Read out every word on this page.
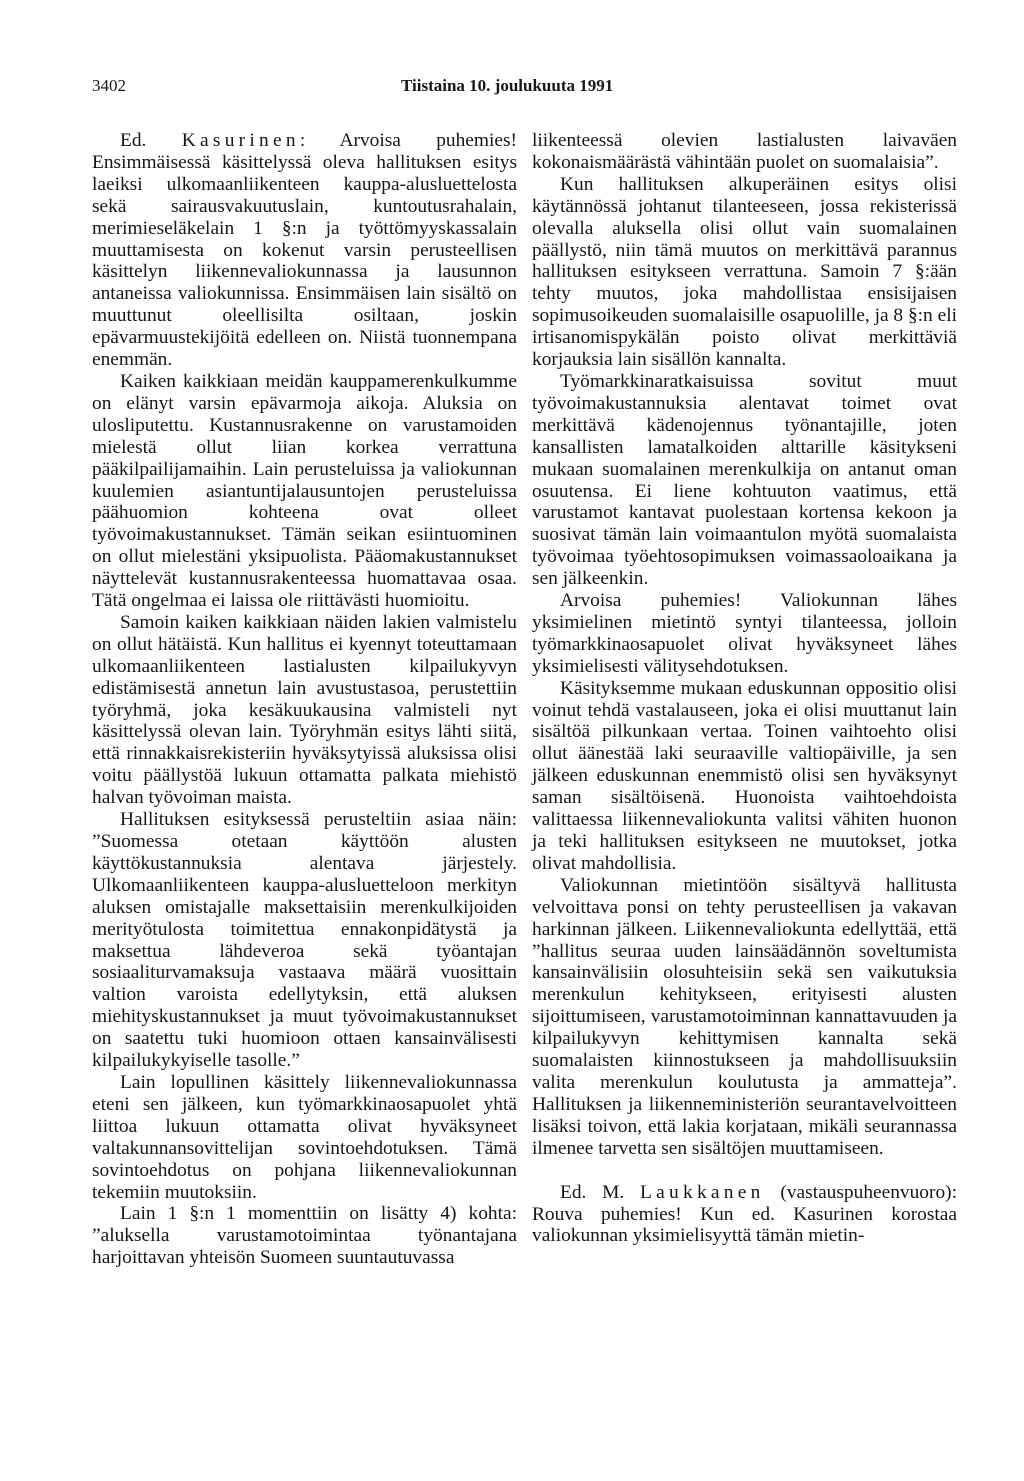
3402	Tiistaina 10. joulukuuta 1991

Ed. Kasurinen: Arvoisa puhemies! Ensimmäisessä käsittelyssä oleva hallituksen esitys laeiksi ulkomaanliikenteen kauppa-alusluettelosta sekä sairausvakuutuslain, kuntoutusrahalain, merimieseläkelain 1 §:n ja työttömyyskassalain muuttamisesta on kokenut varsin perusteellisen käsittelyn liikennevaliokunnassa ja lausunnon antaneissa valiokunnissa. Ensimmäisen lain sisältö on muuttunut oleellisilta osiltaan, joskin epävarmuustekijöitä edelleen on. Niistä tuonnempana enemmän.

Kaiken kaikkiaan meidän kauppamerenkulkumme on elänyt varsin epävarmoja aikoja. Aluksia on ulosliputettu. Kustannusrakenne on varustamoiden mielestä ollut liian korkea verrattuna pääkilpailijamaihin. Lain perusteluissa ja valiokunnan kuulemien asiantuntijalausuntojen perusteluissa päähuomion kohteena ovat olleet työvoimakustannukset. Tämän seikan esiintuominen on ollut mielestäni yksipuolista. Pääomakustannukset näyttelevät kustannusrakenteessa huomattavaa osaa. Tätä ongelmaa ei laissa ole riittävästi huomioitu.

Samoin kaiken kaikkiaan näiden lakien valmistelu on ollut hätäistä. Kun hallitus ei kyennyt toteuttamaan ulkomaanliikenteen lastialusten kilpailukyvyn edistämisestä annetun lain avustustasoa, perustettiin työryhmä, joka kesäkuukausina valmisteli nyt käsittelyssä olevan lain. Työryhmän esitys lähti siitä, että rinnakkaisrekisteriin hyväksytyissä aluksissa olisi voitu päällystöä lukuun ottamatta palkata miehistö halvan työvoiman maista.

Hallituksen esityksessä perusteltiin asiaa näin: ”Suomessa otetaan käyttöön alusten käyttökustannuksia alentava järjestely. Ulkomaanliikenteen kauppa-alusluetteloon merkityn aluksen omistajalle maksettaisiin merenkulkijoiden merityötulosta toimitettua ennakonpidätystä ja maksettua lähdeveroa sekä työantajan sosiaaliturvamaksuja vastaava määrä vuosittain valtion varoista edellytyksin, että aluksen miehityskustannukset ja muut työvoimakustannukset on saatettu tuki huomioon ottaen kansainvälisesti kilpailukykyiselle tasolle.”

Lain lopullinen käsittely liikennevaliokunnassa eteni sen jälkeen, kun työmarkkinaosapuolet yhtä liittoa lukuun ottamatta olivat hyväksyneet valtakunnansovittelijan sovintoehdotuksen. Tämä sovintoehdotus on pohjana liikennevaliokunnan tekemiin muutoksiin.

Lain 1 §:n 1 momenttiin on lisätty 4) kohta: ”aluksella varustamotoimintaa työnantajana harjoittavan yhteisön Suomeen suuntautuvassa

liikenteessä olevien lastialusten laivaväen kokonaismäärästä vähintään puolet on suomalaisia”.

Kun hallituksen alkuperäinen esitys olisi käytännössä johtanut tilanteeseen, jossa rekisterissä olevalla aluksella olisi ollut vain suomalainen päällystö, niin tämä muutos on merkittävä parannus hallituksen esitykseen verrattuna. Samoin 7 §:ään tehty muutos, joka mahdollistaa ensisijaisen sopimusoikeuden suomalaisille osapuolille, ja 8 §:n eli irtisanomispykälän poisto olivat merkittäviä korjauksia lain sisällön kannalta.

Työmarkkinaratkaisuissa sovitut muut työvoimakustannuksia alentavat toimet ovat merkittävä kädenojennus työnantajille, joten kansallisten lamatalkoiden alttarille käsitykseni mukaan suomalainen merenkulkija on antanut oman osuutensa. Ei liene kohtuuton vaatimus, että varustamot kantavat puolestaan kortensa kekoon ja suosivat tämän lain voimaantulon myötä suomalaista työvoimaa työehtosopimuksen voimassaoloaikana ja sen jälkeenkin.

Arvoisa puhemies! Valiokunnan lähes yksimielinen mietintö syntyi tilanteessa, jolloin työmarkkinaosapuolet olivat hyväksyneet lähes yksimielisesti välitysehdotuksen.

Käsityksemme mukaan eduskunnan oppositio olisi voinut tehdä vastalauseen, joka ei olisi muuttanut lain sisältöä pilkunkaan vertaa. Toinen vaihtoehto olisi ollut äänestää laki seuraaville valtiopäiville, ja sen jälkeen eduskunnan enemmistö olisi sen hyväksynyt saman sisältöisenä. Huonoista vaihtoehdoista valittaessa liikennevaliokunta valitsi vähiten huonon ja teki hallituksen esitykseen ne muutokset, jotka olivat mahdollisia.

Valiokunnan mietintöön sisältyvä hallitusta velvoittava ponsi on tehty perusteellisen ja vakavan harkinnan jälkeen. Liikennevaliokunta edellyttää, että ”hallitus seuraa uuden lainsäädännön soveltumista kansainvälisiin olosuhteisiin sekä sen vaikutuksia merenkulun kehitykseen, erityisesti alusten sijoittumiseen, varustamotoiminnan kannattavuuden ja kilpailukyvyn kehittymisen kannalta sekä suomalaisten kiinnostukseen ja mahdollisuuksiin valita merenkulun koulutusta ja ammatteja”. Hallituksen ja liikenneministeriön seurantavelvoitteen lisäksi toivon, että lakia korjataan, mikäli seurannassa ilmenee tarvetta sen sisältöjen muuttamiseen.

Ed. M. Laukkanen (vastauspuheenvuoro): Rouva puhemies! Kun ed. Kasurinen korostaa valiokunnan yksimielisyyttä tämän mietin-
